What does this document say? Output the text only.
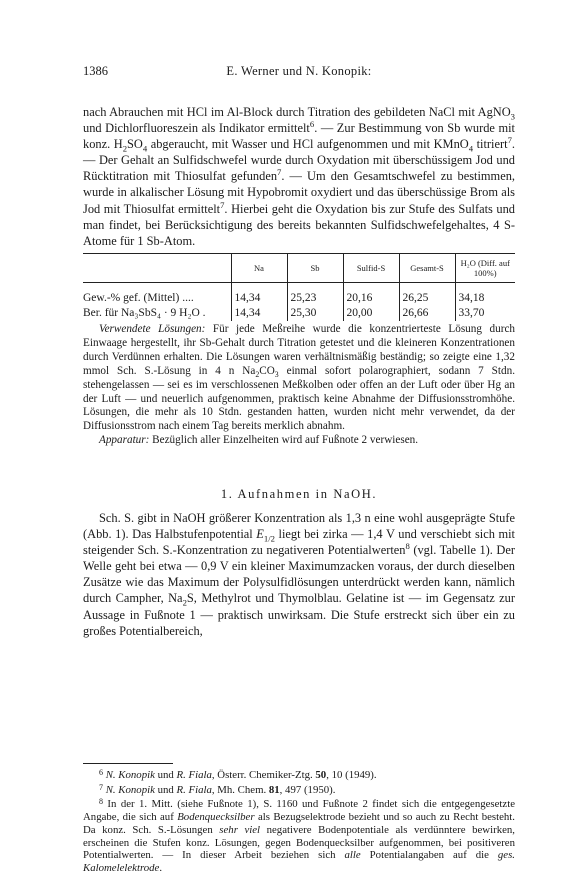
1386	E. Werner und N. Konopik:

nach Abrauchen mit HCl im Al-Block durch Titration des gebildeten NaCl mit AgNO$_3$ und Dichlorfluoreszein als Indikator ermittelt$^6$. — Zur Bestimmung von Sb wurde mit konz. $H_2SO_4$ abgeraucht, mit Wasser und HCl aufgenommen und mit KMnO$_4$ titriert$^7$. — Der Gehalt an Sulfidschwefel wurde durch Oxydation mit überschüssigem Jod und Rücktitration mit Thiosulfat gefunden$^7$. — Um den Gesamtschwefel zu bestimmen, wurde in alkalischer Lösung mit Hypobromit oxydiert und das überschüssige Brom als Jod mit Thiosulfat ermittelt$^7$. Hierbei geht die Oxydation bis zur Stufe des Sulfats und man findet, bei Berücksichtigung des bereits bekannten Sulfidschwefelgehaltes, 4 S-Atome für 1 Sb-Atom.

	Na	Sb	Sulfid-S	Gesamt-S	H₂O (Diff. auf 100%)
Gew.-% gef. (Mittel) ....	14,34	25,23	20,16	26,25	34,18
Ber. für Na₃SbS₄ · 9 H₂O .	14,34	25,30	20,00	26,66	33,70

Verwendete Lösungen: Für jede Meßreihe wurde die konzentrierteste Lösung durch Einwaage hergestellt, ihr Sb-Gehalt durch Titration getestet und die kleineren Konzentrationen durch Verdünnen erhalten. Die Lösungen waren verhältnismäßig beständig; so zeigte eine 1,32 mmol Sch. S.-Lösung in 4 n $Na_2CO_3$ einmal sofort polarographiert, sodann 7 Stdn. stehengelassen — sei es im verschlossenen Meßkolben oder offen an der Luft oder über Hg an der Luft — und neuerlich aufgenommen, praktisch keine Abnahme der Diffusionsstromhöhe. Lösungen, die mehr als 10 Stdn. gestanden hatten, wurden nicht mehr verwendet, da der Diffusionsstrom nach einem Tag bereits merklich abnahm.

Apparatur: Bezüglich aller Einzelheiten wird auf Fußnote 2 verwiesen.

1. Aufnahmen in NaOH.

Sch. S. gibt in NaOH größerer Konzentration als 1,3 n eine wohl ausgeprägte Stufe (Abb. 1). Das Halbstufenpotential $E_{1/2}$ liegt bei zirka — 1,4 V und verschiebt sich mit steigender Sch. S.-Konzentration zu negativeren Potentialwerten$^8$ (vgl. Tabelle 1). Der Welle geht bei etwa — 0,9 V ein kleiner Maximumzacken voraus, der durch dieselben Zusätze wie das Maximum der Polysulfidlösungen unterdrückt werden kann, nämlich durch Campher, $Na_2S$, Methylrot und Thymolblau. Gelatine ist — im Gegensatz zur Aussage in Fußnote 1 — praktisch unwirksam. Die Stufe erstreckt sich über ein zu großes Potentialbereich,

$^6$ N. Konopik und R. Fiala, Österr. Chemiker-Ztg. 50, 10 (1949).

$^7$ N. Konopik und R. Fiala, Mh. Chem. 81, 497 (1950).

$^8$ In der 1. Mitt. (siehe Fußnote 1), S. 1160 und Fußnote 2 findet sich die entgegengesetzte Angabe, die sich auf Bodenquecksilber als Bezugselektrode bezieht und so auch zu Recht besteht. Da konz. Sch. S.-Lösungen sehr viel negativere Bodenpotentiale als verdünntere bewirken, erscheinen die Stufen konz. Lösungen, gegen Bodenquecksilber aufgenommen, bei positiveren Potentialwerten. — In dieser Arbeit beziehen sich alle Potentialangaben auf die ges. Kalomelelektrode.
